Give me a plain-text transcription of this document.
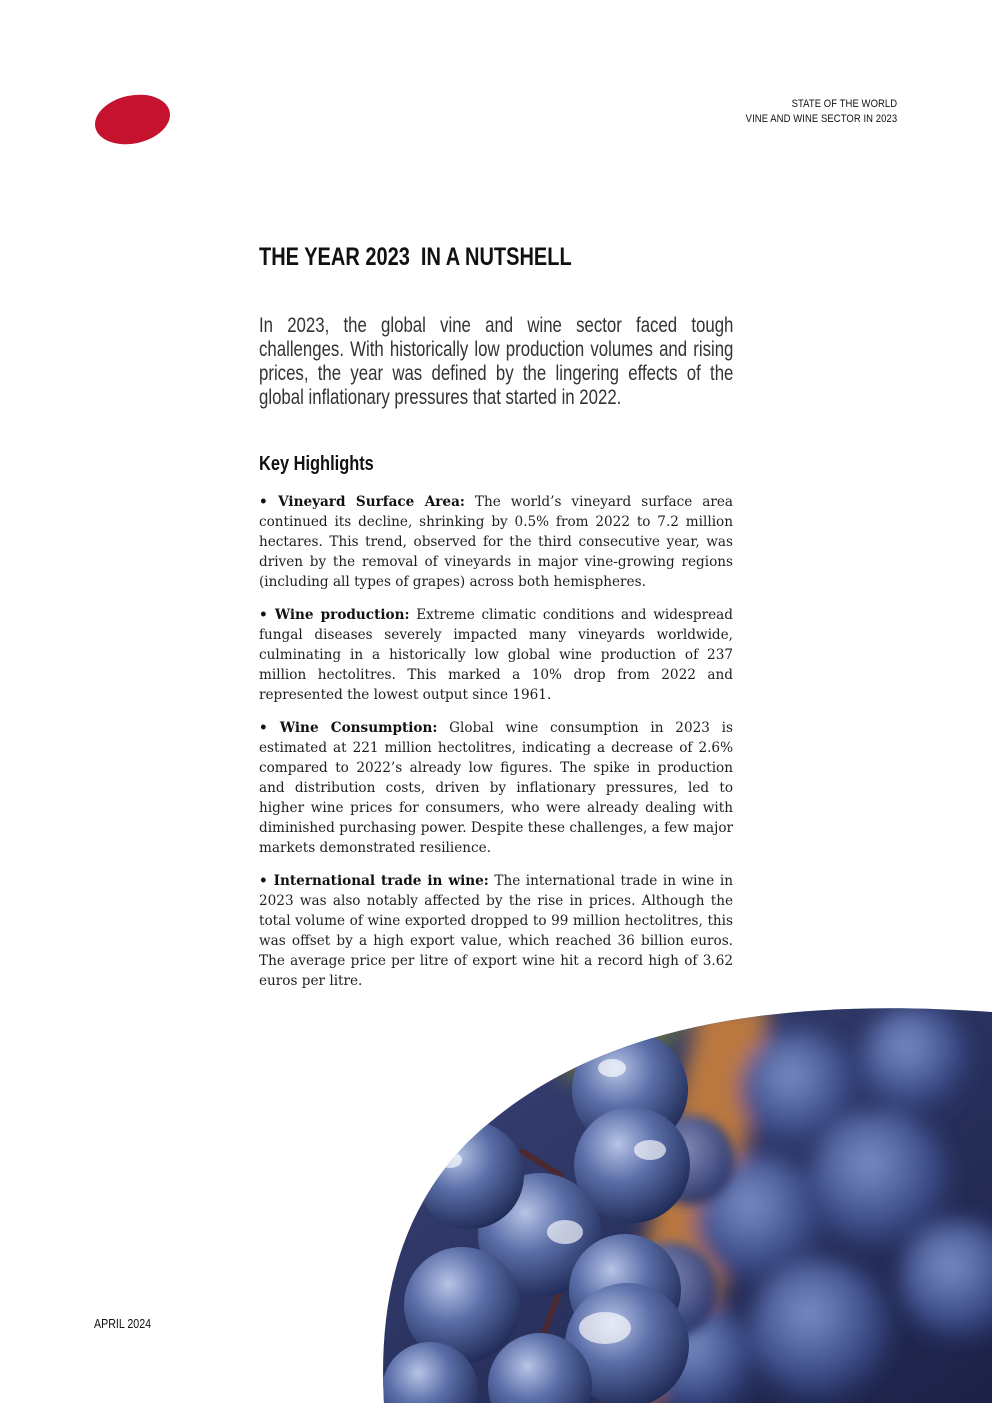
STATE OF THE WORLD
VINE AND WINE SECTOR IN 2023
THE YEAR 2023  IN A NUTSHELL

In 2023, the global vine and wine sector faced tough challenges. With historically low production volumes and rising prices, the year was defined by the lingering effects of the global inflationary pressures that started in 2022.

Key Highlights

• Vineyard Surface Area: The world’s vineyard surface area continued its decline, shrinking by 0.5% from 2022 to 7.2 million hectares. This trend, observed for the third consecutive year, was driven by the removal of vineyards in major vine-growing regions (including all types of grapes) across both hemispheres.

• Wine production: Extreme climatic conditions and widespread fungal diseases severely impacted many vineyards worldwide, culminating in a historically low global wine production of 237 million hectolitres. This marked a 10% drop from 2022 and represented the lowest output since 1961.

• Wine Consumption: Global wine consumption in 2023 is estimated at 221 million hectolitres, indicating a decrease of 2.6% compared to 2022’s already low figures. The spike in production and distribution costs, driven by inflationary pressures, led to higher wine prices for consumers, who were already dealing with diminished purchasing power. Despite these challenges, a few major markets demonstrated resilience.

• International trade in wine: The international trade in wine in 2023 was also notably affected by the rise in prices. Although the total volume of wine exported dropped to 99 million hectolitres, this was offset by a high export value, which reached 36 billion euros. The average price per litre of export wine hit a record high of 3.62 euros per litre.

APRIL 2024
